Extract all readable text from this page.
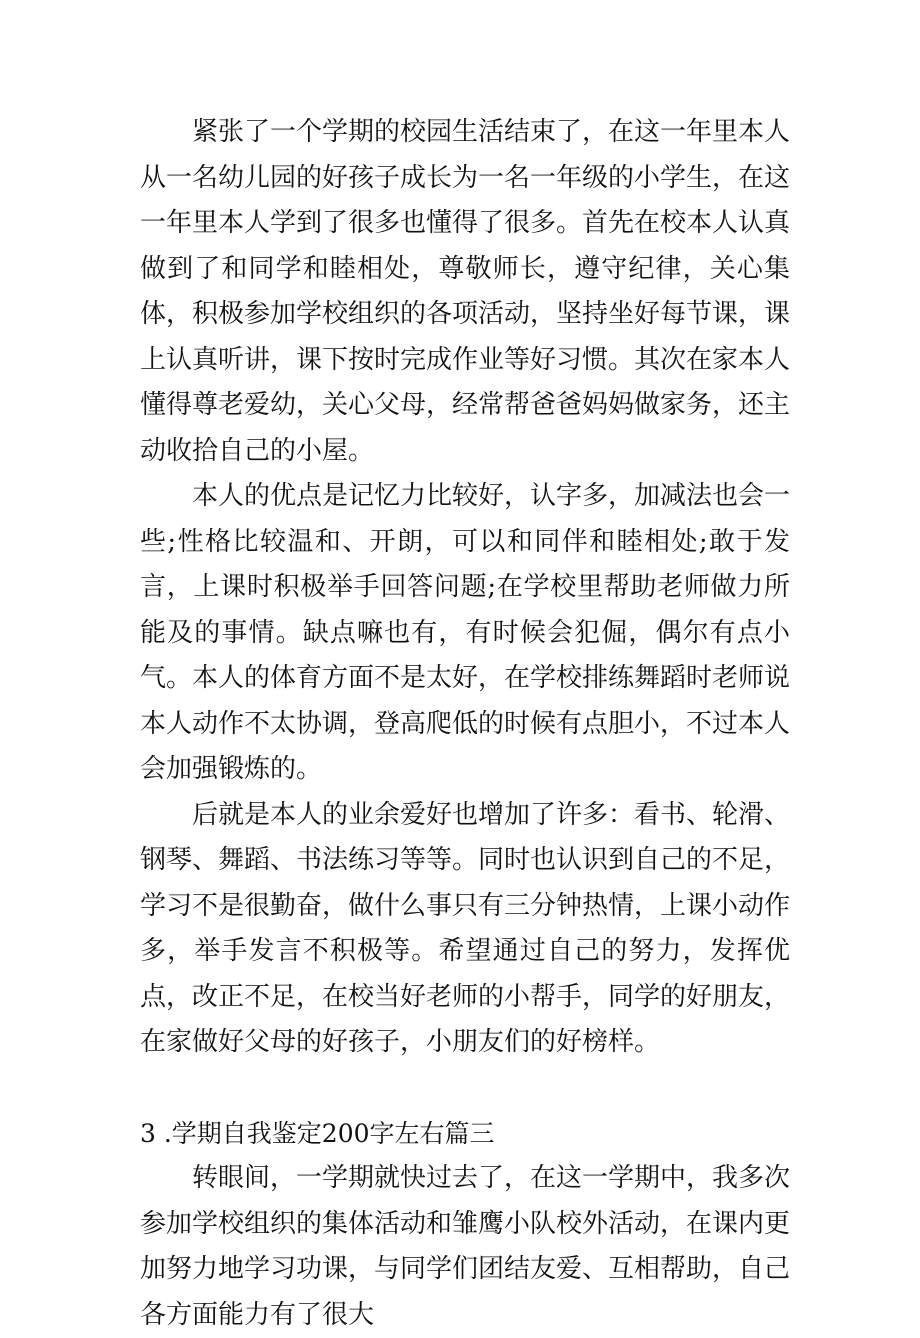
紧张了一个学期的校园生活结束了，在这一年里本人从一名幼儿园的好孩子成长为一名一年级的小学生，在这一年里本人学到了很多也懂得了很多。首先在校本人认真做到了和同学和睦相处，尊敬师长，遵守纪律，关心集体，积极参加学校组织的各项活动，坚持坐好每节课，课上认真听讲，课下按时完成作业等好习惯。其次在家本人懂得尊老爱幼，关心父母，经常帮爸爸妈妈做家务，还主动收拾自己的小屋。

本人的优点是记忆力比较好，认字多，加减法也会一些;性格比较温和、开朗，可以和同伴和睦相处;敢于发言，上课时积极举手回答问题;在学校里帮助老师做力所能及的事情。缺点嘛也有，有时候会犯倔，偶尔有点小气。本人的体育方面不是太好，在学校排练舞蹈时老师说本人动作不太协调，登高爬低的时候有点胆小，不过本人会加强锻炼的。

后就是本人的业余爱好也增加了许多：看书、轮滑、钢琴、舞蹈、书法练习等等。同时也认识到自己的不足，学习不是很勤奋，做什么事只有三分钟热情，上课小动作多，举手发言不积极等。希望通过自己的努力，发挥优点，改正不足，在校当好老师的小帮手，同学的好朋友，在家做好父母的好孩子，小朋友们的好榜样。

3 .学期自我鉴定200字左右篇三

转眼间，一学期就快过去了，在这一学期中，我多次参加学校组织的集体活动和雏鹰小队校外活动，在课内更加努力地学习功课，与同学们团结友爱、互相帮助，自己各方面能力有了很大
